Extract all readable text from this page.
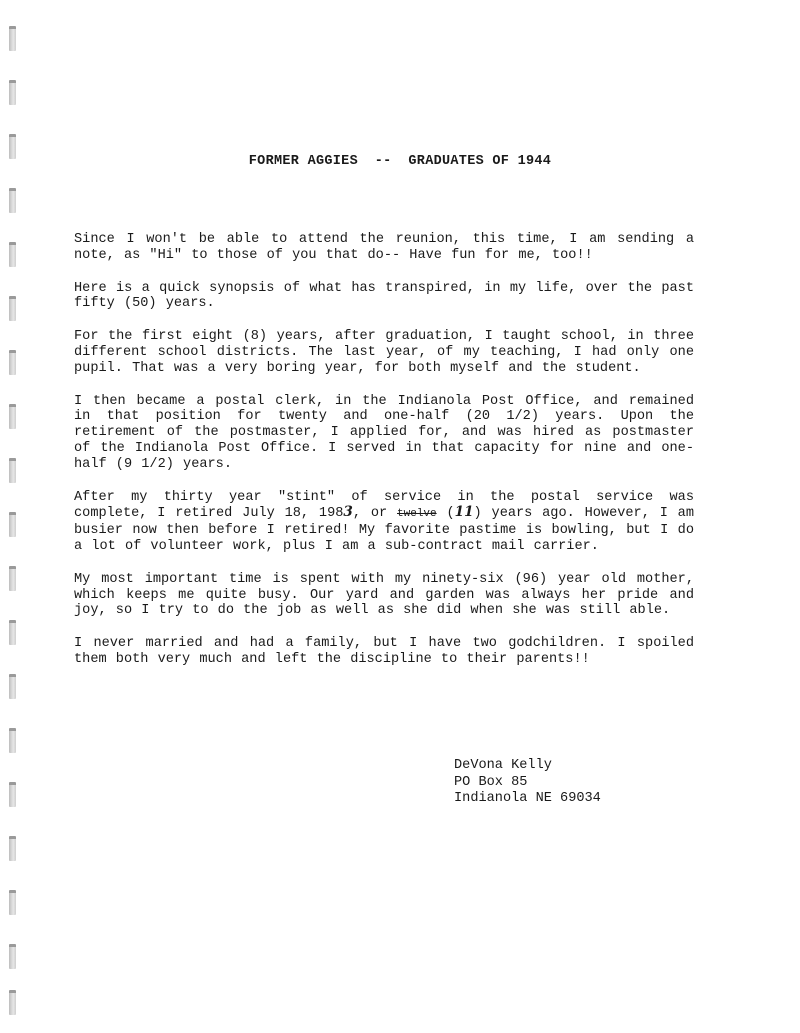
FORMER AGGIES  --  GRADUATES OF 1944

Since I won't be able to attend the reunion, this time, I am sending a note, as "Hi" to those of you that do-- Have fun for me, too!!

Here is a quick synopsis of what has transpired, in my life, over the past fifty (50) years.

For the first eight (8) years, after graduation, I taught school, in three different school districts. The last year, of my teaching, I had only one pupil. That was a very boring year, for both myself and the student.

I then became a postal clerk, in the Indianola Post Office, and remained in that position for twenty and one-half (20 1/2) years. Upon the retirement of the postmaster, I applied for, and was hired as postmaster of the Indianola Post Office. I served in that capacity for nine and one-half (9 1/2) years.

After my thirty year "stint" of service in the postal service was complete, I retired July 18, 1983, or twelve (11) years ago. However, I am busier now then before I retired! My favorite pastime is bowling, but I do a lot of volunteer work, plus I am a sub-contract mail carrier.

My most important time is spent with my ninety-six (96) year old mother, which keeps me quite busy. Our yard and garden was always her pride and joy, so I try to do the job as well as she did when she was still able.

I never married and had a family, but I have two godchildren. I spoiled them both very much and left the discipline to their parents!!

DeVona Kelly
PO Box 85
Indianola NE 69034
